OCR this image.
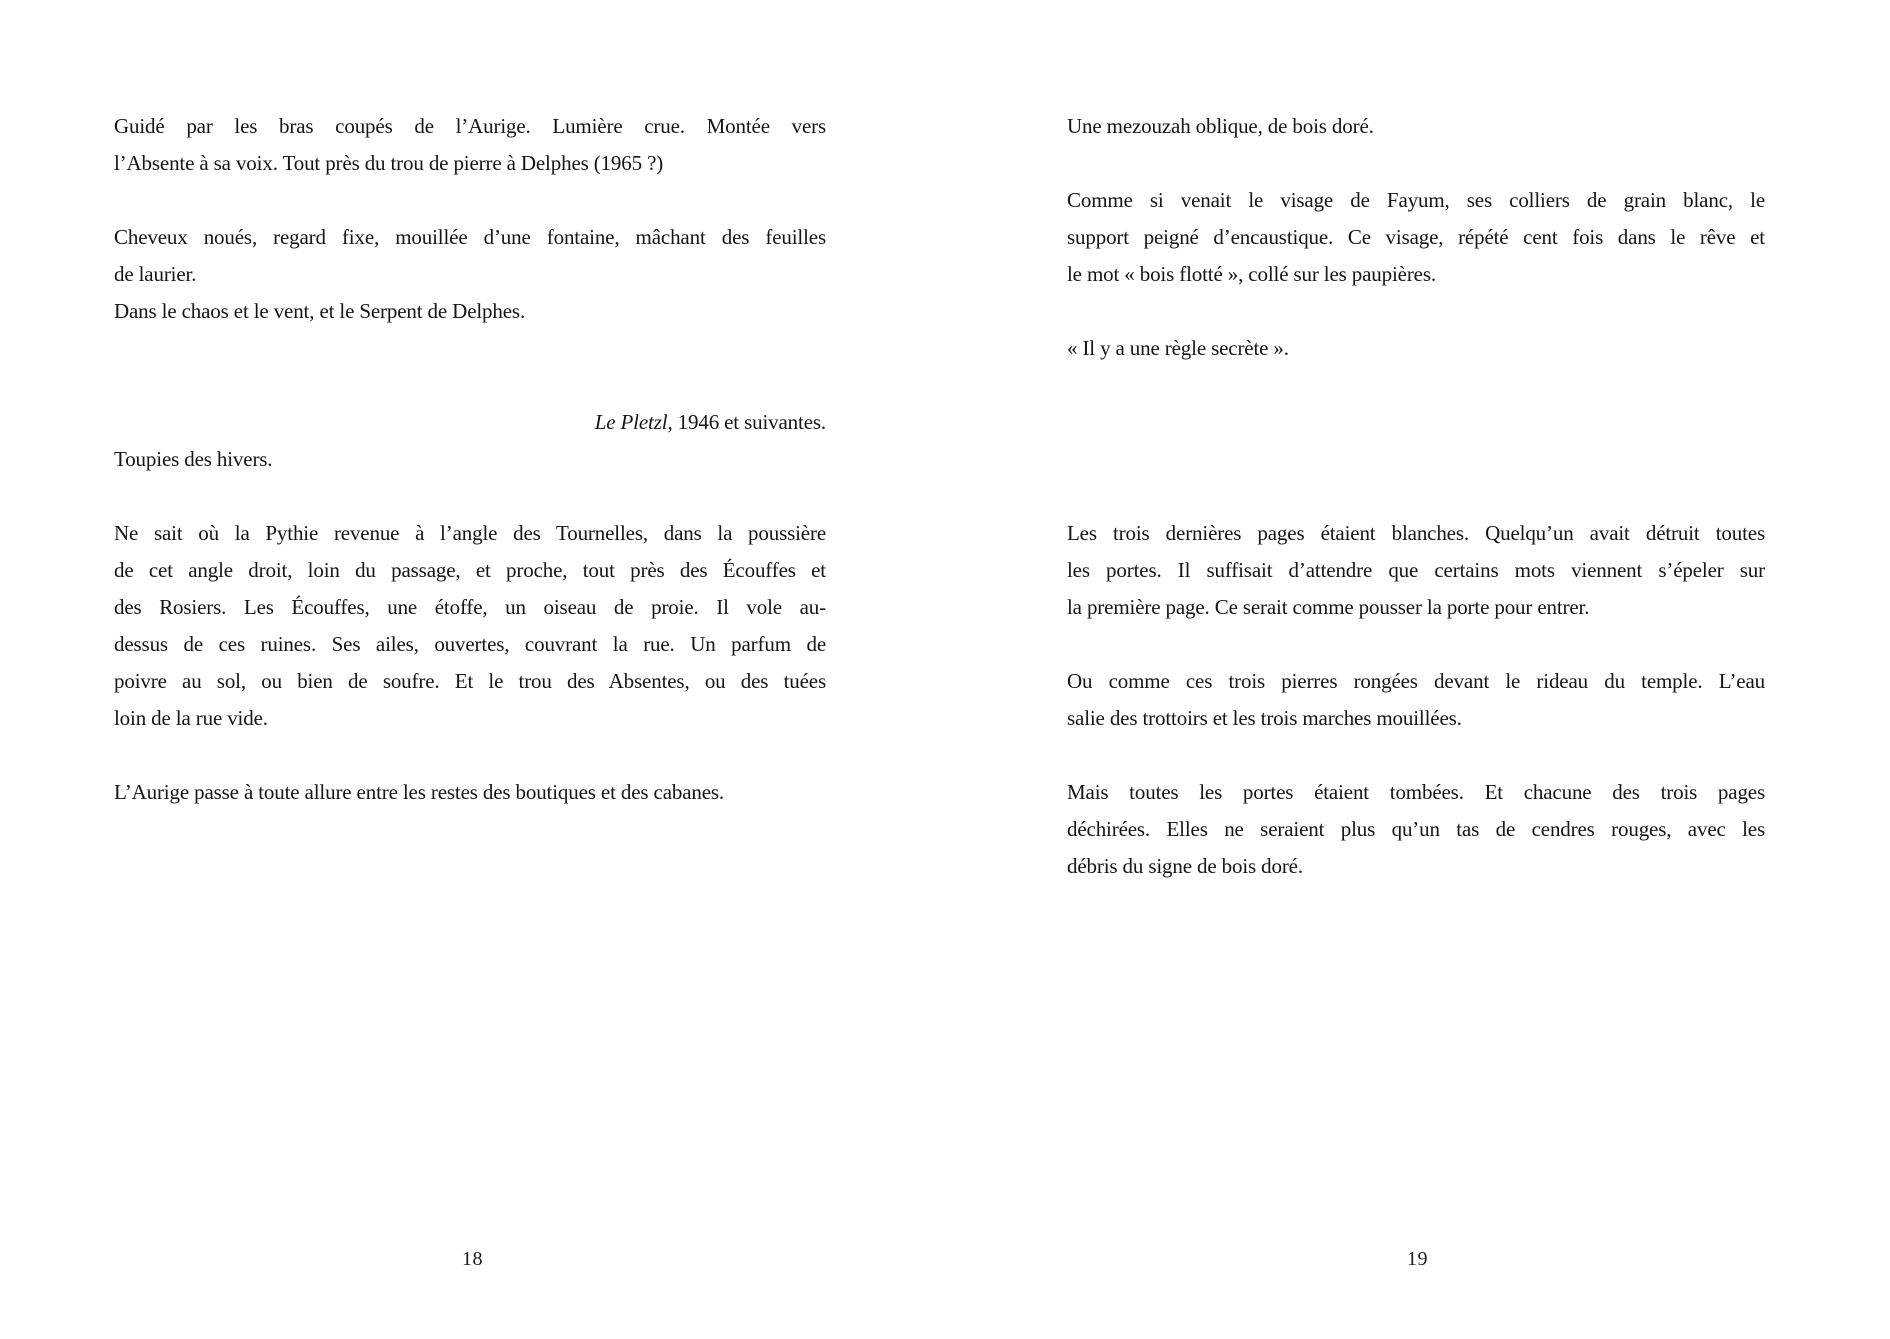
Guidé par les bras coupés de l’Aurige. Lumière crue. Montée vers
l’Absente à sa voix. Tout près du trou de pierre à Delphes (1965 ?)
Cheveux noués, regard fixe, mouillée d’une fontaine, mâchant des feuilles
de laurier.
Dans le chaos et le vent, et le Serpent de Delphes.
Le Pletzl, 1946 et suivantes.
Toupies des hivers.
Ne sait où la Pythie revenue à l’angle des Tournelles, dans la poussière
de cet angle droit, loin du passage, et proche, tout près des Écouffes et
des Rosiers. Les Écouffes, une étoffe, un oiseau de proie. Il vole au-
dessus de ces ruines. Ses ailes, ouvertes, couvrant la rue. Un parfum de
poivre au sol, ou bien de soufre. Et le trou des Absentes, ou des tuées
loin de la rue vide.
L’Aurige passe à toute allure entre les restes des boutiques et des cabanes.
18
Une mezouzah oblique, de bois doré.
Comme si venait le visage de Fayum, ses colliers de grain blanc, le
support peigné d’encaustique. Ce visage, répété cent fois dans le rêve et
le mot « bois flotté », collé sur les paupières.
« Il y a une règle secrète ».
Les trois dernières pages étaient blanches. Quelqu’un avait détruit toutes
les portes. Il suffisait d’attendre que certains mots viennent s’épeler sur
la première page. Ce serait comme pousser la porte pour entrer.
Ou comme ces trois pierres rongées devant le rideau du temple. L’eau
salie des trottoirs et les trois marches mouillées.
Mais toutes les portes étaient tombées. Et chacune des trois pages
déchirées. Elles ne seraient plus qu’un tas de cendres rouges, avec les
débris du signe de bois doré.
19
